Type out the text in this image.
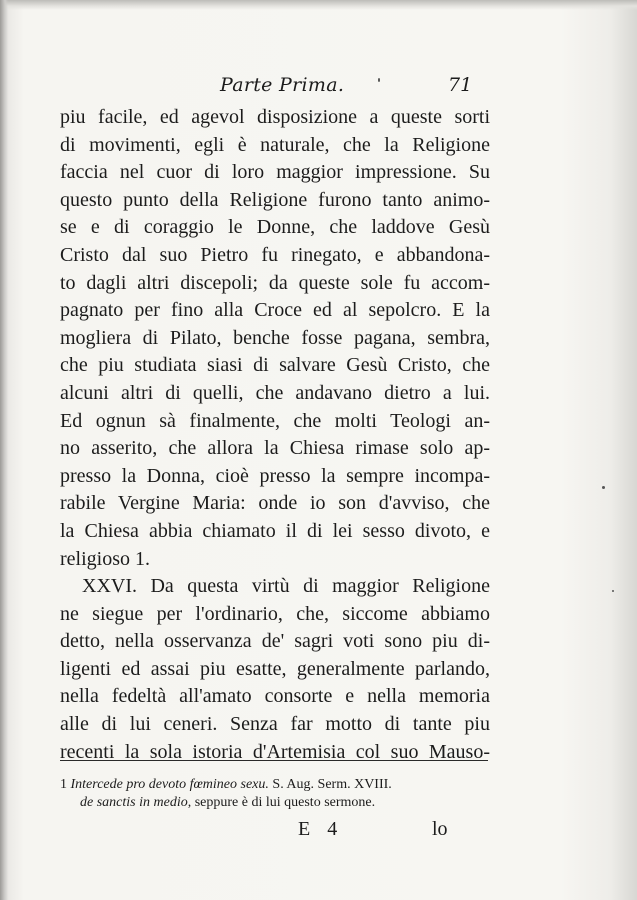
Parte Prima.	71
piu facile, ed agevol disposizione a queste sorti
di movimenti, egli è naturale, che la Religione
faccia nel cuor di loro maggior impressione. Su
questo punto della Religione furono tanto animo-
se e di coraggio le Donne, che laddove Gesù
Cristo dal suo Pietro fu rinegato, e abbandona-
to dagli altri discepoli; da queste sole fu accom-
pagnato per fino alla Croce ed al sepolcro. E la
mogliera di Pilato, benche fosse pagana, sembra,
che piu studiata siasi di salvare Gesù Cristo, che
alcuni altri di quelli, che andavano dietro a lui.
Ed ognun sà finalmente, che molti Teologi an-
no asserito, che allora la Chiesa rimase solo ap-
presso la Donna, cioè presso la sempre incompa-
rabile Vergine Maria: onde io son d'avviso, che
la Chiesa abbia chiamato il di lei sesso divoto, e
religioso 1.
XXVI. Da questa virtù di maggior Religione
ne siegue per l'ordinario, che, siccome abbiamo
detto, nella osservanza de' sagri voti sono piu di-
ligenti ed assai piu esatte, generalmente parlando,
nella fedeltà all'amato consorte e nella memoria
alle di lui ceneri. Senza far motto di tante piu
recenti la sola istoria d'Artemisia col suo Mauso-
1 Intercede pro devoto fœmineo sexu. S. Aug. Serm. XVIII.
de sanctis in medio, seppure è di lui questo sermone.
E 4	lo
